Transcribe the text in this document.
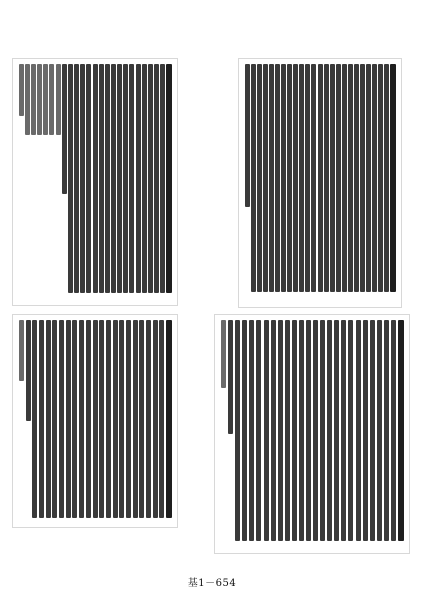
基1－654
